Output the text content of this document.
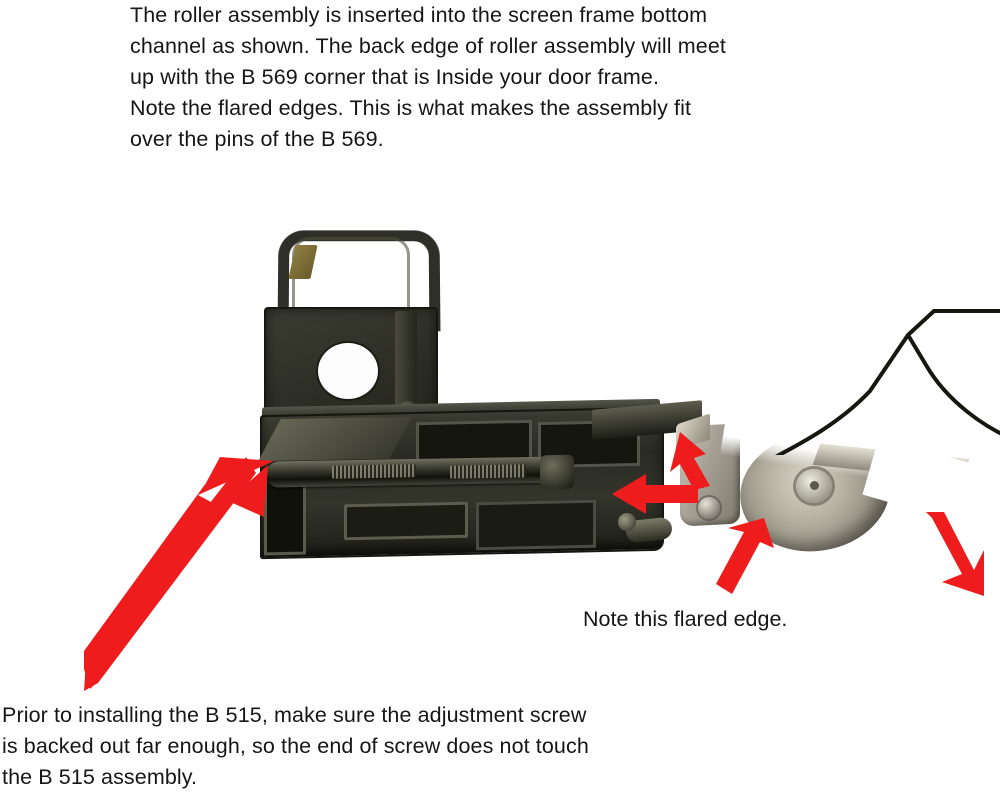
The roller assembly is inserted into the screen frame bottom

channel as shown. The back edge of roller assembly will meet

up with the B 569 corner that is Inside your door frame.

Note the flared edges. This is what makes the assembly fit

over the pins of the B 569.

Note this flared edge.

Prior to installing the B 515, make sure the adjustment screw

is backed out far enough, so the end of screw does not touch

the B 515 assembly.
